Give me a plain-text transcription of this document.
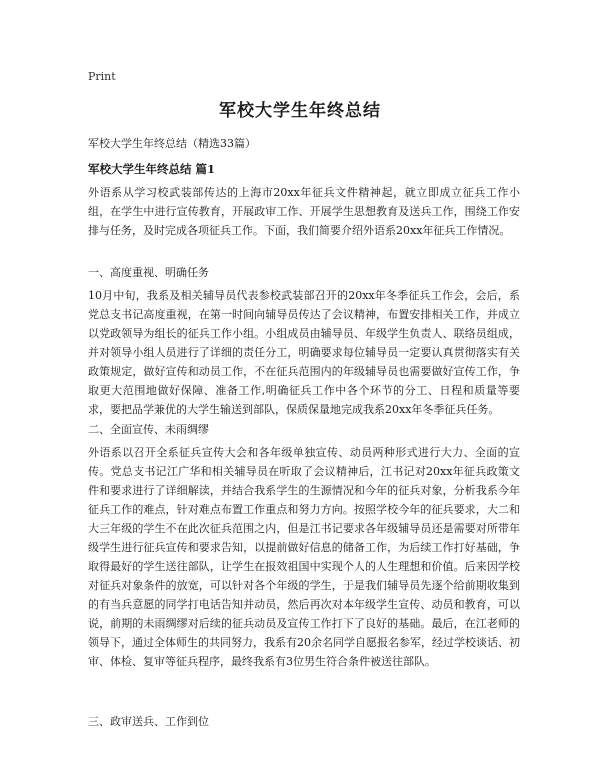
Print
军校大学生年终总结
军校大学生年终总结（精选33篇）
军校大学生年终总结 篇1
外语系从学习校武装部传达的上海市20xx年征兵文件精神起，就立即成立征兵工作小组，在学生中进行宣传教育，开展政审工作、开展学生思想教育及送兵工作，围绕工作安排与任务，及时完成各项征兵工作。下面，我们简要介绍外语系20xx年征兵工作情况。
一、高度重视、明确任务
10月中旬，我系及相关辅导员代表参校武装部召开的20xx年冬季征兵工作会，会后，系党总支书记高度重视，在第一时间向辅导员传达了会议精神，布置安排相关工作，并成立以党政领导为组长的征兵工作小组。小组成员由辅导员、年级学生负责人、联络员组成，并对领导小组人员进行了详细的责任分工，明确要求每位辅导员一定要认真贯彻落实有关政策规定，做好宣传和动员工作，不在征兵范围内的年级辅导员也需要做好宣传工作，争取更大范围地做好保障、准备工作,明确征兵工作中各个环节的分工、日程和质量等要求，要把品学兼优的大学生输送到部队，保质保量地完成我系20xx年冬季征兵任务。
二、全面宣传、未雨绸缪
外语系以召开全系征兵宣传大会和各年级单独宣传、动员两种形式进行大力、全面的宣传。党总支书记江广华和相关辅导员在听取了会议精神后，江书记对20xx年征兵政策文件和要求进行了详细解读，并结合我系学生的生源情况和今年的征兵对象，分析我系今年征兵工作的难点，针对难点布置工作重点和努力方向。按照学校今年的征兵要求，大二和大三年级的学生不在此次征兵范围之内，但是江书记要求各年级辅导员还是需要对所带年级学生进行征兵宣传和要求告知，以提前做好信息的储备工作，为后续工作打好基础，争取得最好的学生送往部队，让学生在报效祖国中实现个人的人生理想和价值。后来因学校对征兵对象条件的放宽，可以针对各个年级的学生，于是我们辅导员先逐个给前期收集到的有当兵意愿的同学打电话告知并动员，然后再次对本年级学生宣传、动员和教育，可以说，前期的未雨绸缪对后续的征兵动员及宣传工作打下了良好的基础。最后，在江老师的领导下，通过全体师生的共同努力，我系有20余名同学自愿报名参军，经过学校谈话、初审、体检、复审等征兵程序，最终我系有3位男生符合条件被送往部队。
三、政审送兵、工作到位
